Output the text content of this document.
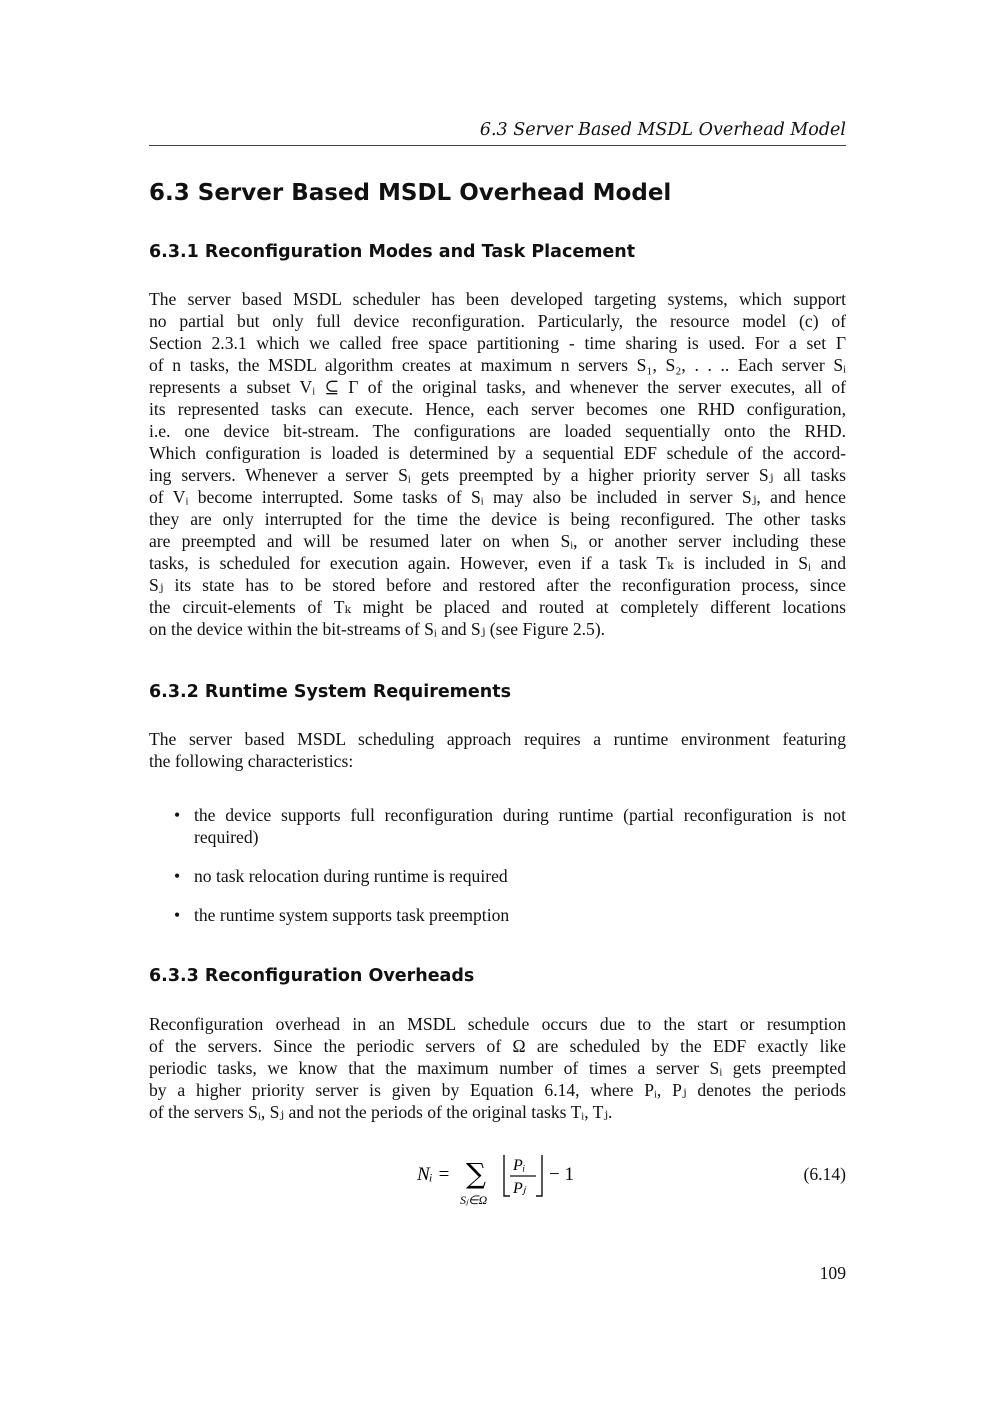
6.3 Server Based MSDL Overhead Model
6.3 Server Based MSDL Overhead Model
6.3.1 Reconfiguration Modes and Task Placement
The server based MSDL scheduler has been developed targeting systems, which support
no partial but only full device reconfiguration. Particularly, the resource model (c) of
Section 2.3.1 which we called free space partitioning - time sharing is used. For a set Γ
of n tasks, the MSDL algorithm creates at maximum n servers S₁, S₂, . . .. Each server Sᵢ
represents a subset Vᵢ ⊆ Γ of the original tasks, and whenever the server executes, all of
its represented tasks can execute. Hence, each server becomes one RHD configuration,
i.e. one device bit-stream. The configurations are loaded sequentially onto the RHD.
Which configuration is loaded is determined by a sequential EDF schedule of the accord-
ing servers. Whenever a server Sᵢ gets preempted by a higher priority server Sⱼ all tasks
of Vᵢ become interrupted. Some tasks of Sᵢ may also be included in server Sⱼ, and hence
they are only interrupted for the time the device is being reconfigured. The other tasks
are preempted and will be resumed later on when Sᵢ, or another server including these
tasks, is scheduled for execution again. However, even if a task Tₖ is included in Sᵢ and
Sⱼ its state has to be stored before and restored after the reconfiguration process, since
the circuit-elements of Tₖ might be placed and routed at completely different locations
on the device within the bit-streams of Sᵢ and Sⱼ (see Figure 2.5).
6.3.2 Runtime System Requirements
The server based MSDL scheduling approach requires a runtime environment featuring
the following characteristics:
• the device supports full reconfiguration during runtime (partial reconfiguration is not required)
• no task relocation during runtime is required
• the runtime system supports task preemption
6.3.3 Reconfiguration Overheads
Reconfiguration overhead in an MSDL schedule occurs due to the start or resumption
of the servers. Since the periodic servers of Ω are scheduled by the EDF exactly like
periodic tasks, we know that the maximum number of times a server Sᵢ gets preempted
by a higher priority server is given by Equation 6.14, where Pᵢ, Pⱼ denotes the periods
of the servers Sᵢ, Sⱼ and not the periods of the original tasks Tᵢ, Tⱼ.
Nᵢ = ∑
Sⱼ∈Ω
Pᵢ
Pⱼ
− 1	(6.14)
109
